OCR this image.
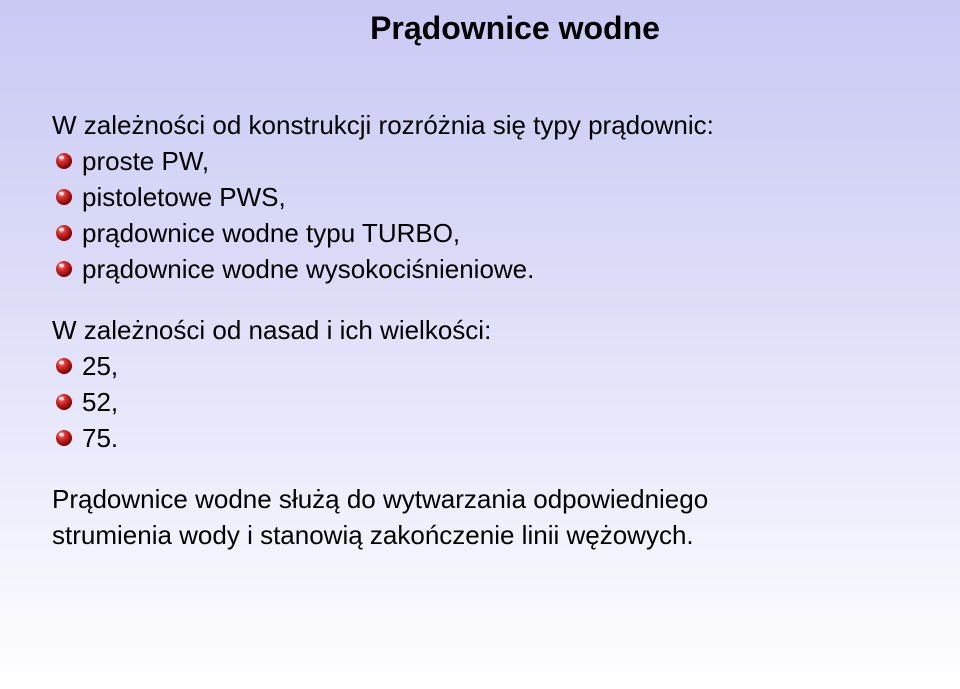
Prądownice wodne

W zależności od konstrukcji rozróżnia się typy prądownic:

proste PW,
pistoletowe PWS,
prądownice wodne typu TURBO,
prądownice wodne wysokociśnieniowe.

W zależności od nasad i ich wielkości:

25,
52,
75.

Prądownice wodne służą do wytwarzania odpowiedniego
strumienia wody i stanowią zakończenie linii wężowych.
